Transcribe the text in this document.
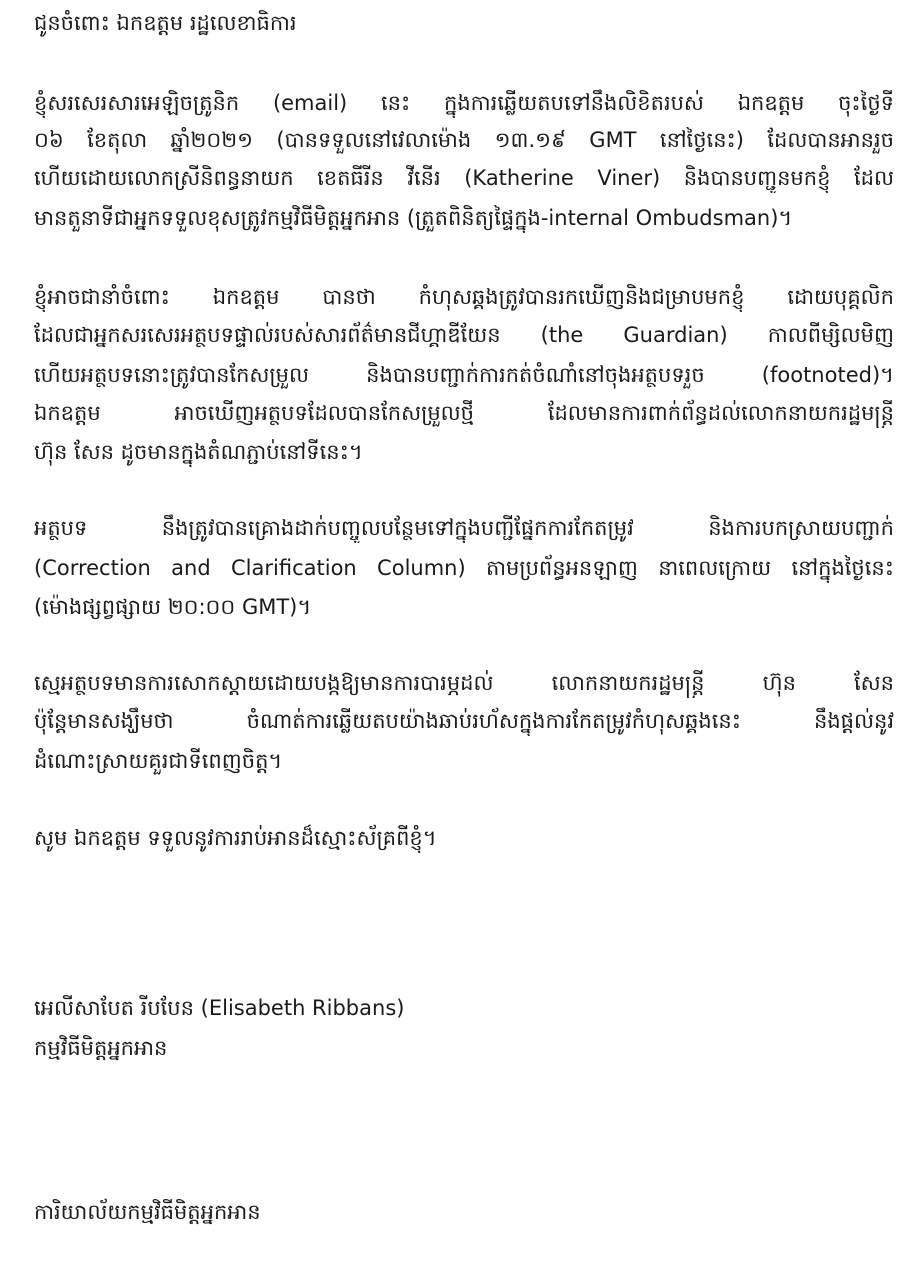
ជូនចំពោះ ឯកឧត្តម រដ្ឋលេខាធិការ
ខ្ញុំសរសេរសារអេឡិចត្រូនិក (email) នេះ ក្នុងការឆ្លើយតបទៅនឹងលិខិតរបស់ ឯកឧត្តម ចុះថ្ងៃទី
០៦ ខែតុលា ឆ្នាំ២០២១ (បានទទួលនៅវេលាម៉ោង ១៣.១៩ GMT នៅថ្ងៃនេះ) ដែលបានអានរួច
ហើយដោយលោកស្រីនិពន្ធនាយក ខេតធីរីន វីនើរ (Katherine Viner) និងបានបញ្ជូនមកខ្ញុំ ដែល
មានតួនាទីជាអ្នកទទួលខុសត្រូវកម្មវិធីមិត្តអ្នកអាន (ត្រួតពិនិត្យផ្ទៃក្នុង-internal Ombudsman)។
ខ្ញុំអាចជានាំចំពោះ ឯកឧត្តម បានថា កំហុសឆ្គងត្រូវបានរកឃើញនិងជម្រាបមកខ្ញុំ ដោយបុគ្គលិក
ដែលជាអ្នកសរសេរអត្ថបទផ្ទាល់របស់សារព័ត៌មានជីហ្គាឌីយែន (the Guardian) កាលពីម្សិលមិញ
ហើយអត្ថបទនោះត្រូវបានកែសម្រួល និងបានបញ្ជាក់ការកត់ចំណាំនៅចុងអត្ថបទរួច (footnoted)។
ឯកឧត្តម អាចឃើញអត្ថបទដែលបានកែសម្រួលថ្មី ដែលមានការពាក់ព័ន្ធដល់លោកនាយករដ្ឋមន្ត្រី
ហ៊ុន សែន ដូចមានក្នុងតំណភ្ជាប់នៅទីនេះ។
អត្ថបទ នឹងត្រូវបានគ្រោងដាក់បញ្ចូលបន្ថែមទៅក្នុងបញ្ជីផ្នែកការកែតម្រូវ និងការបកស្រាយបញ្ជាក់
(Correction and Clarification Column) តាមប្រព័ន្ធអនឡាញ នាពេលក្រោយ នៅក្នុងថ្ងៃនេះ
(ម៉ោងផ្សព្វផ្សាយ ២០:០០ GMT)។
ស្មេអត្ថបទមានការសោកស្តាយដោយបង្កឱ្យមានការបារម្ភដល់ លោកនាយករដ្ឋមន្ត្រី ហ៊ុន សែន
ប៉ុន្តែមានសង្ឃឹមថា ចំណាត់ការឆ្លើយតបយ៉ាងឆាប់រហ័សក្នុងការកែតម្រូវកំហុសឆ្គងនេះ នឹងផ្តល់នូវ
ដំណោះស្រាយគួរជាទីពេញចិត្ត។
សូម ឯកឧត្តម ទទួលនូវការរាប់អានដ៏ស្មោះស័គ្រពីខ្ញុំ។
អេលីសាបែត រីបបែន (Elisabeth Ribbans)
កម្មវិធីមិត្តអ្នកអាន
ការិយាល័យកម្មវិធីមិត្តអ្នកអាន
